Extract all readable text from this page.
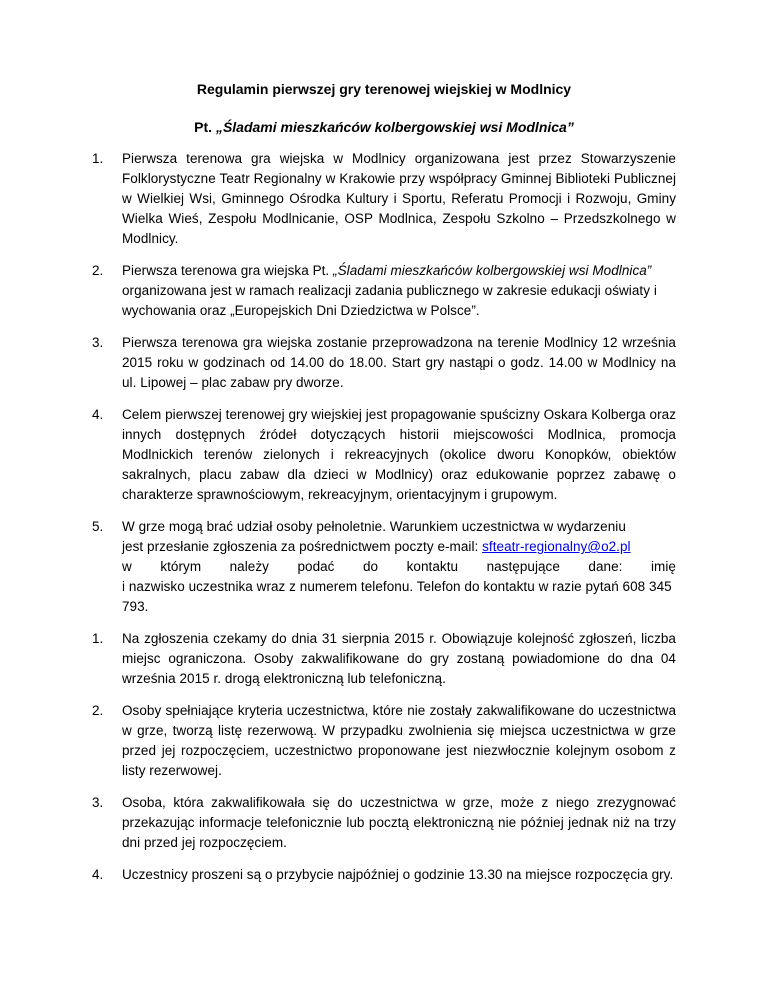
Regulamin pierwszej gry terenowej wiejskiej w Modlnicy

Pt. „Śladami mieszkańców kolbergowskiej wsi Modlnica”

1. Pierwsza terenowa gra wiejska w Modlnicy organizowana jest przez Stowarzyszenie Folklorystyczne Teatr Regionalny w Krakowie przy współpracy Gminnej Biblioteki Publicznej w Wielkiej Wsi, Gminnego Ośrodka Kultury i Sportu, Referatu Promocji i Rozwoju, Gminy Wielka Wieś, Zespołu Modlnicanie, OSP Modlnica, Zespołu Szkolno – Przedszkolnego w Modlnicy.
2. Pierwsza terenowa gra wiejska Pt. „Śladami mieszkańców kolbergowskiej wsi Modlnica” organizowana jest w ramach realizacji zadania publicznego w zakresie edukacji oświaty i wychowania oraz „Europejskich Dni Dziedzictwa w Polsce”.
3. Pierwsza terenowa gra wiejska zostanie przeprowadzona na terenie Modlnicy 12 września 2015 roku w godzinach od 14.00 do 18.00. Start gry nastąpi o godz. 14.00 w Modlnicy na ul. Lipowej – plac zabaw pry dworze.
4. Celem pierwszej terenowej gry wiejskiej jest propagowanie spuścizny Oskara Kolberga oraz innych dostępnych źródeł dotyczących historii miejscowości Modlnica, promocja Modlnickich terenów zielonych i rekreacyjnych (okolice dworu Konopków, obiektów sakralnych, placu zabaw dla dzieci w Modlnicy) oraz edukowanie poprzez zabawę o charakterze sprawnościowym, rekreacyjnym, orientacyjnym i grupowym.
5. W grze mogą brać udział osoby pełnoletnie. Warunkiem uczestnictwa w wydarzeniu
jest przesłanie zgłoszenia za pośrednictwem poczty e-mail: sfteatr-regionalny@o2.pl
w którym należy podać do kontaktu następujące dane: imię
i nazwisko uczestnika wraz z numerem telefonu. Telefon do kontaktu w razie pytań 608 345 793.
1. Na zgłoszenia czekamy do dnia 31 sierpnia 2015 r. Obowiązuje kolejność zgłoszeń, liczba miejsc ograniczona. Osoby zakwalifikowane do gry zostaną powiadomione do dna 04 września 2015 r. drogą elektroniczną lub telefoniczną.
2. Osoby spełniające kryteria uczestnictwa, które nie zostały zakwalifikowane do uczestnictwa w grze, tworzą listę rezerwową. W przypadku zwolnienia się miejsca uczestnictwa w grze przed jej rozpoczęciem, uczestnictwo proponowane jest niezwłocznie kolejnym osobom z listy rezerwowej.
3. Osoba, która zakwalifikowała się do uczestnictwa w grze, może z niego zrezygnować przekazując informacje telefonicznie lub pocztą elektroniczną nie później jednak niż na trzy dni przed jej rozpoczęciem.
4. Uczestnicy proszeni są o przybycie najpóźniej o godzinie 13.30 na miejsce rozpoczęcia gry.
